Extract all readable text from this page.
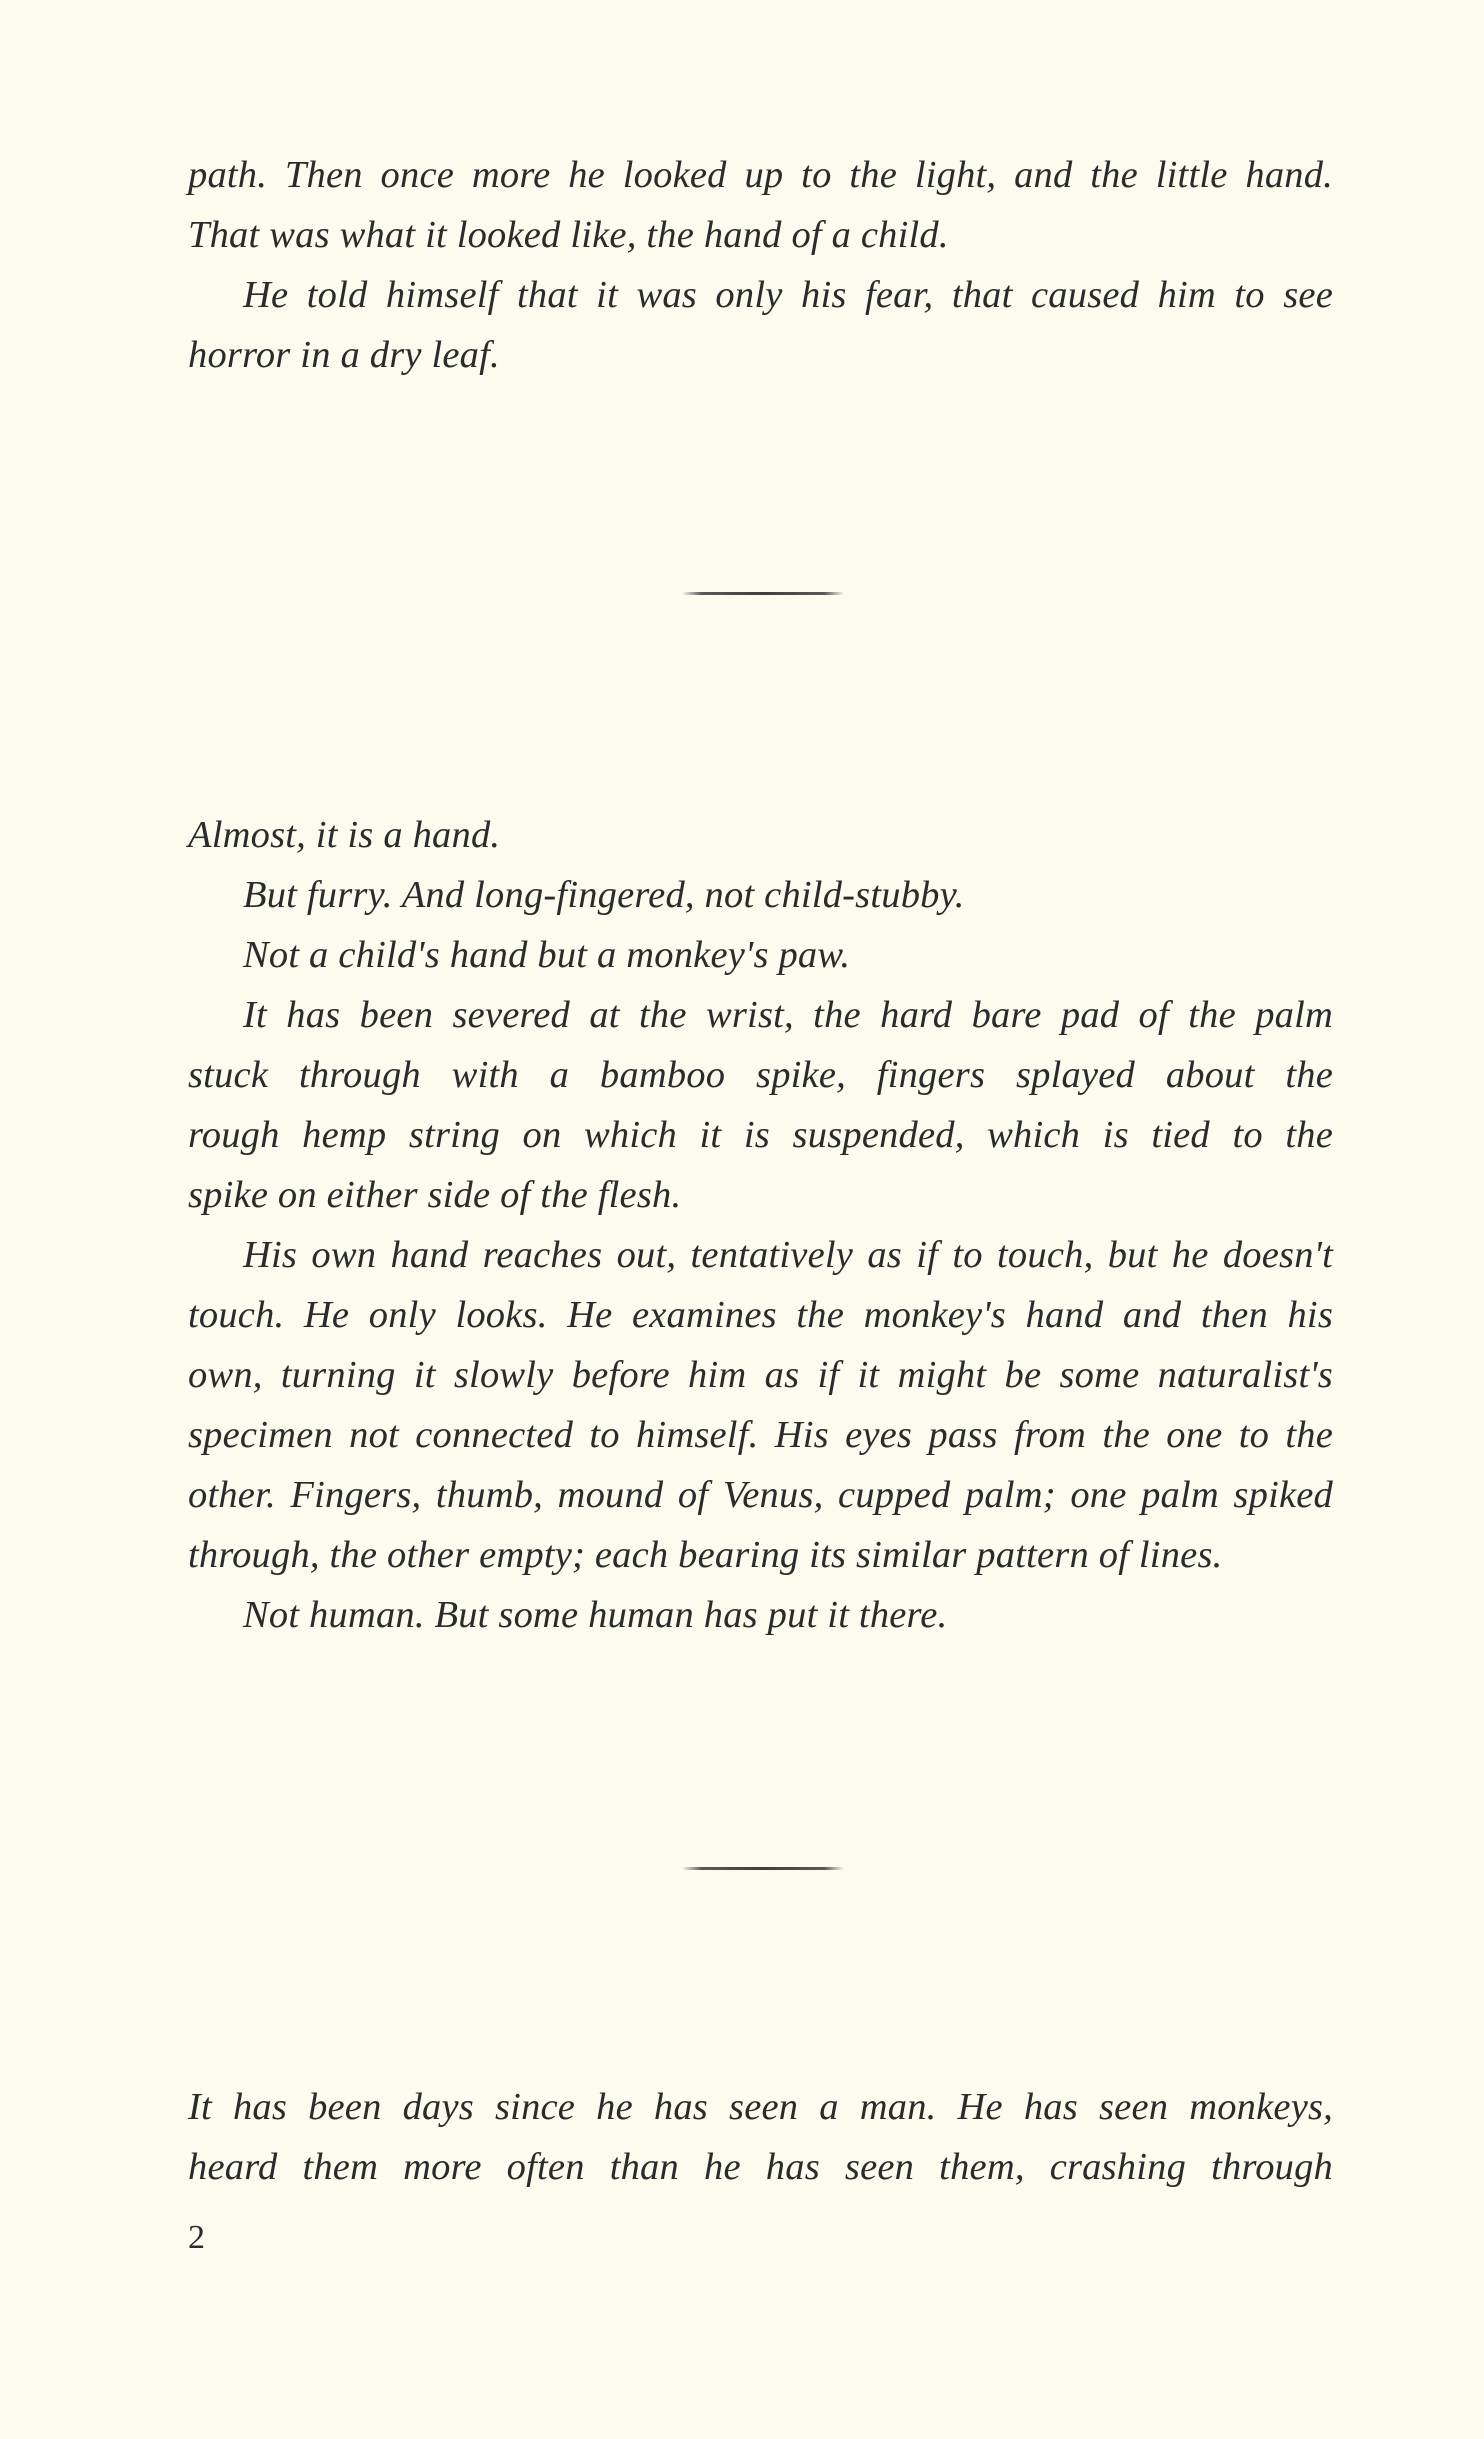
path. Then once more he looked up to the light, and the little hand.
That was what it looked like, the hand of a child.
He told himself that it was only his fear, that caused him to see
horror in a dry leaf.
Almost, it is a hand.
But furry. And long-fingered, not child-stubby.
Not a child's hand but a monkey's paw.
It has been severed at the wrist, the hard bare pad of the palm
stuck through with a bamboo spike, fingers splayed about the
rough hemp string on which it is suspended, which is tied to the
spike on either side of the flesh.
His own hand reaches out, tentatively as if to touch, but he doesn't
touch. He only looks. He examines the monkey's hand and then his
own, turning it slowly before him as if it might be some naturalist's
specimen not connected to himself. His eyes pass from the one to the
other. Fingers, thumb, mound of Venus, cupped palm; one palm spiked
through, the other empty; each bearing its similar pattern of lines.
Not human. But some human has put it there.
It has been days since he has seen a man. He has seen monkeys,
heard them more often than he has seen them, crashing through
2
